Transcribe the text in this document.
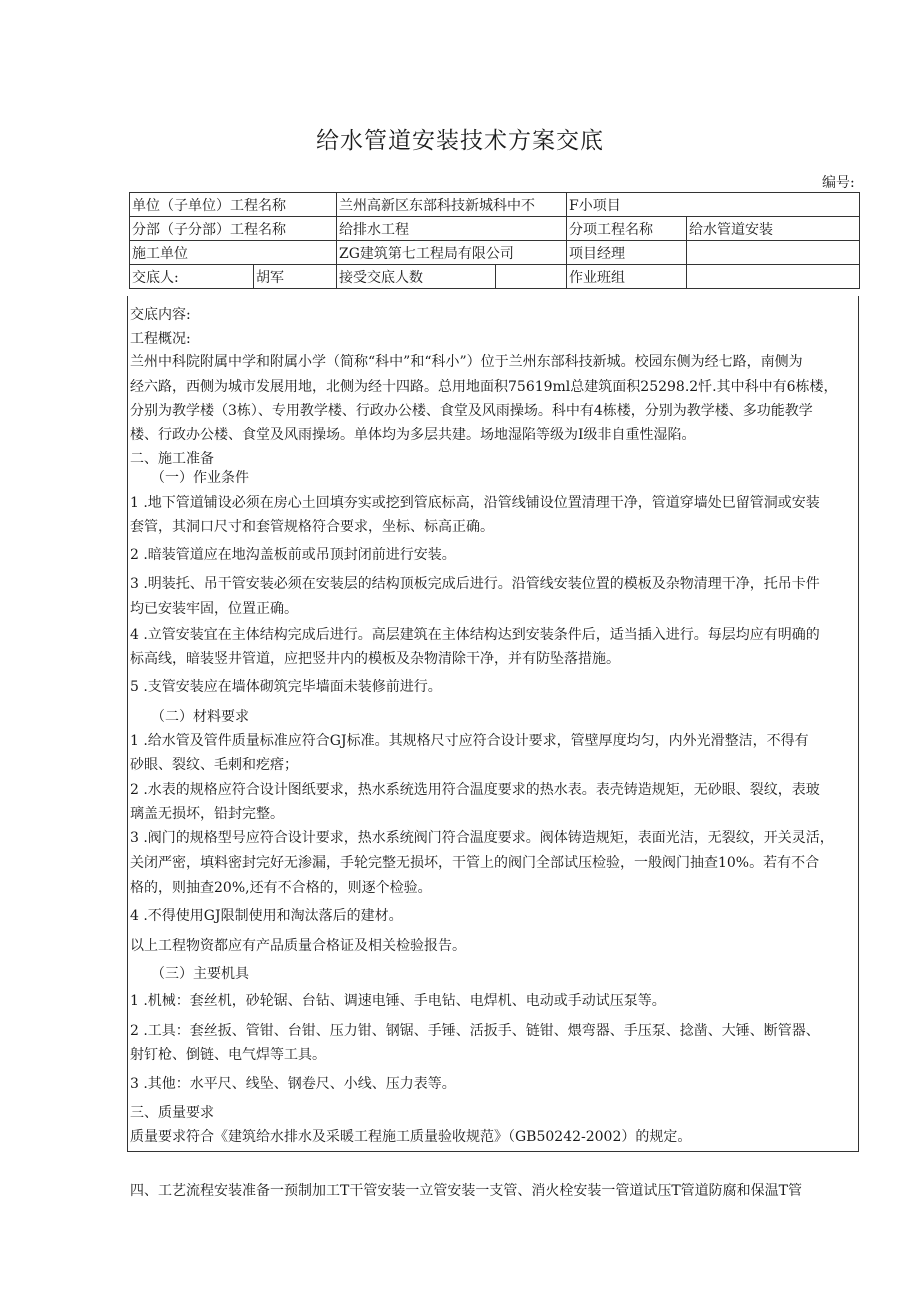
给水管道安装技术方案交底
编号:
单位（子单位）工程名称		兰州高新区东部科技新城科中不		F小项目	
分部（子分部）工程名称		给排水工程		分项工程名称	给水管道安装
施工单位		ZG建筑第七工程局有限公司		项目经理	
交底人:	胡军	接受交底人数		作业班组	
交底内容:
工程概况:
兰州中科院附属中学和附属小学（简称“科中”和“科小”）位于兰州东部科技新城。校园东侧为经七路，南侧为
经六路，西侧为城市发展用地，北侧为经十四路。总用地面积75619ml总建筑面积25298.2忏.其中科中有6栋楼，
分别为教学楼（3栋）、专用教学楼、行政办公楼、食堂及风雨操场。科中有4栋楼，分别为教学楼、多功能教学
楼、行政办公楼、食堂及风雨操场。单体均为多层共建。场地湿陷等级为I级非自重性湿陷。
二、施工准备
（一）作业条件
1 .地下管道铺设必须在房心土回填夯实或挖到管底标高，沿管线铺设位置清理干净，管道穿墙处巳留管洞或安装
套管，其洞口尺寸和套管规格符合要求，坐标、标高正确。
2 .暗装管道应在地沟盖板前或吊顶封闭前进行安装。
3 .明装托、吊干管安装必须在安装层的结构顶板完成后进行。沿管线安装位置的模板及杂物清理干净，托吊卡件
均已安装牢固，位置正确。
4 .立管安装宜在主体结构完成后进行。高层建筑在主体结构达到安装条件后，适当插入进行。每层均应有明确的
标高线，暗装竖井管道，应把竖井内的模板及杂物清除干净，并有防坠落措施。
5 .支管安装应在墙体砌筑完毕墙面未装修前进行。
（二）材料要求
1 .给水管及管件质量标准应符合GJ标准。其规格尺寸应符合设计要求，管壁厚度均匀，内外光滑整洁，不得有
砂眼、裂纹、毛刺和疙瘩；
2 .水表的规格应符合设计图纸要求，热水系统选用符合温度要求的热水表。表壳铸造规矩，无砂眼、裂纹，表玻
璃盖无损坏，铅封完整。
3 .阀门的规格型号应符合设计要求，热水系统阀门符合温度要求。阀体铸造规矩，表面光洁，无裂纹，开关灵活，
关闭严密，填料密封完好无渗漏，手轮完整无损坏，干管上的阀门全部试压检验，一般阀门抽查10%。若有不合
格的，则抽查20%,还有不合格的，则逐个检验。
4 .不得使用GJ限制使用和淘汰落后的建材。
以上工程物资都应有产品质量合格证及相关检验报告。
（三）主要机具
1 .机械：套丝机，砂轮锯、台钻、调速电锤、手电钻、电焊机、电动或手动试压泵等。
2 .工具：套丝扳、管钳、台钳、压力钳、钢锯、手锤、活扳手、链钳、煨弯器、手压泵、捻凿、大锤、断管器、
射钉枪、倒链、电气焊等工具。
3 .其他：水平尺、线坠、钢卷尺、小线、压力表等。
三、质量要求
质量要求符合《建筑给水排水及采暖工程施工质量验收规范》（GB50242-2002）的规定。
四、工艺流程安装准备一预制加工T干管安装一立管安装一支管、消火栓安装一管道试压T管道防腐和保温T管
